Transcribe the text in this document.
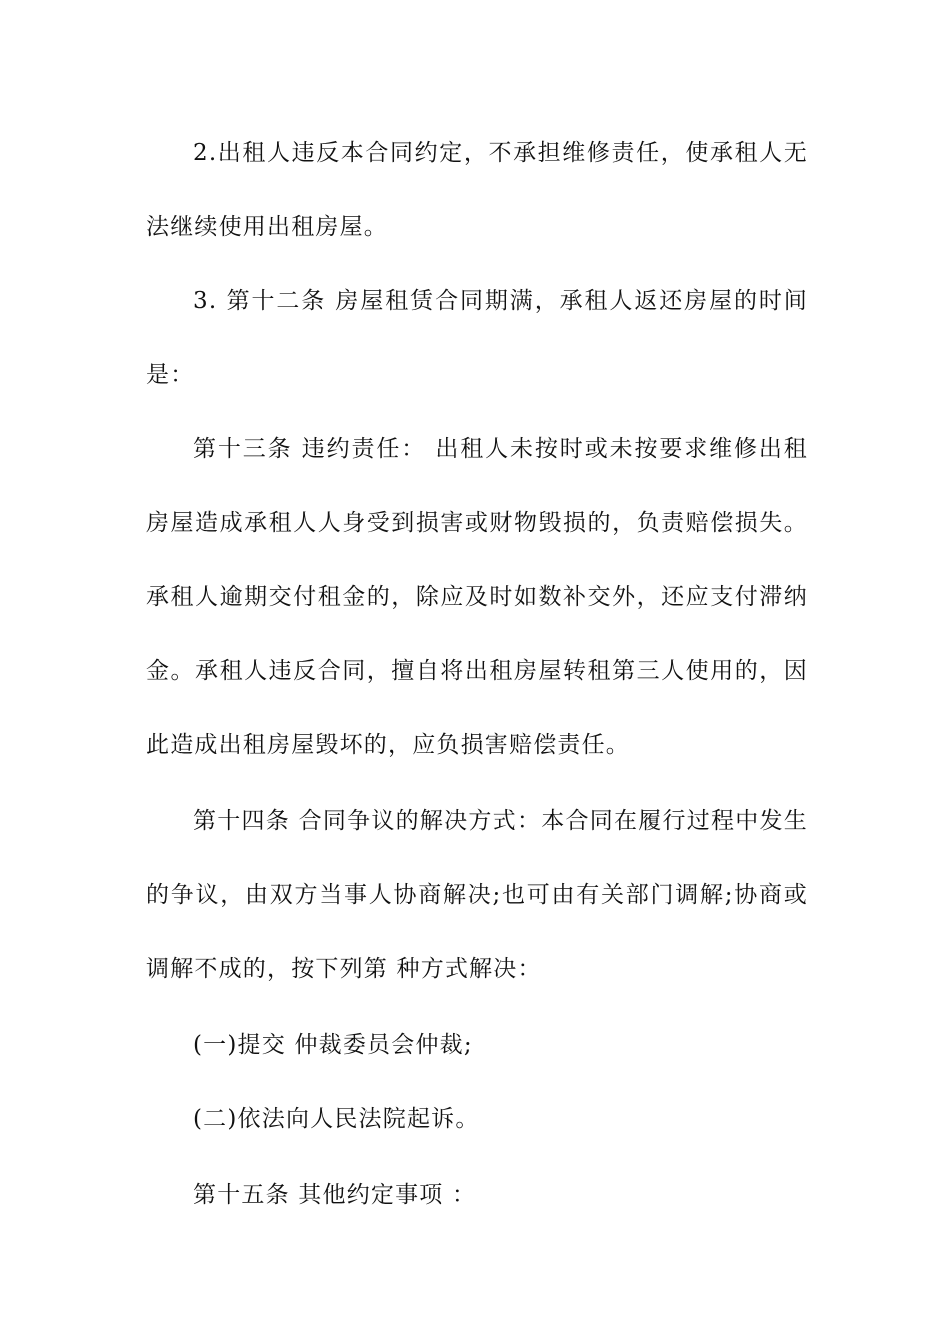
2.出租人违反本合同约定，不承担维修责任，使承租人无
法继续使用出租房屋。
3. 第十二条 房屋租赁合同期满，承租人返还房屋的时间
是：
第十三条 违约责任： 出租人未按时或未按要求维修出租
房屋造成承租人人身受到损害或财物毁损的，负责赔偿损失。
承租人逾期交付租金的，除应及时如数补交外，还应支付滞纳
金。承租人违反合同，擅自将出租房屋转租第三人使用的，因
此造成出租房屋毁坏的，应负损害赔偿责任。
第十四条 合同争议的解决方式：本合同在履行过程中发生
的争议，由双方当事人协商解决;也可由有关部门调解;协商或
调解不成的，按下列第 种方式解决：
(一)提交 仲裁委员会仲裁;
(二)依法向人民法院起诉。
第十五条 其他约定事项 ：
